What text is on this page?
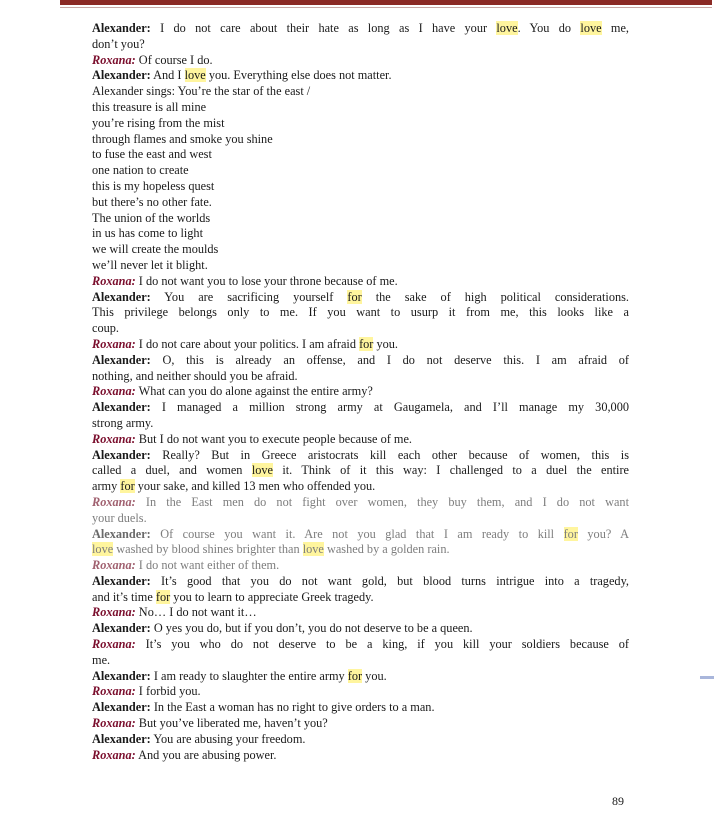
Alexander: I do not care about their hate as long as I have your love. You do love me,
don’t you?
Roxana: Of course I do.
Alexander: And I love you. Everything else does not matter.
Alexander sings: You’re the star of the east /
this treasure is all mine
you’re rising from the mist
through flames and smoke you shine
to fuse the east and west
one nation to create
this is my hopeless quest
but there’s no other fate.
The union of the worlds
in us has come to light
we will create the moulds
we’ll never let it blight.
Roxana: I do not want you to lose your throne because of me.
Alexander: You are sacrificing yourself for the sake of high political considerations.
This privilege belongs only to me. If you want to usurp it from me, this looks like a
coup.
Roxana: I do not care about your politics. I am afraid for you.
Alexander: O, this is already an offense, and I do not deserve this. I am afraid of
nothing, and neither should you be afraid.
Roxana: What can you do alone against the entire army?
Alexander: I managed a million strong army at Gaugamela, and I’ll manage my 30,000
strong army.
Roxana: But I do not want you to execute people because of me.
Alexander: Really? But in Greece aristocrats kill each other because of women, this is
called a duel, and women love it. Think of it this way: I challenged to a duel the entire
army for your sake, and killed 13 men who offended you.
Roxana: In the East men do not fight over women, they buy them, and I do not want
your duels.
Alexander: Of course you want it. Are not you glad that I am ready to kill for you? A
love washed by blood shines brighter than love washed by a golden rain.
Roxana: I do not want either of them.
Alexander: It’s good that you do not want gold, but blood turns intrigue into a tragedy,
and it’s time for you to learn to appreciate Greek tragedy.
Roxana: No… I do not want it…
Alexander: O yes you do, but if you don’t, you do not deserve to be a queen.
Roxana: It’s you who do not deserve to be a king, if you kill your soldiers because of
me.
Alexander: I am ready to slaughter the entire army for you.
Roxana: I forbid you.
Alexander: In the East a woman has no right to give orders to a man.
Roxana: But you’ve liberated me, haven’t you?
Alexander: You are abusing your freedom.
Roxana: And you are abusing power.
89
